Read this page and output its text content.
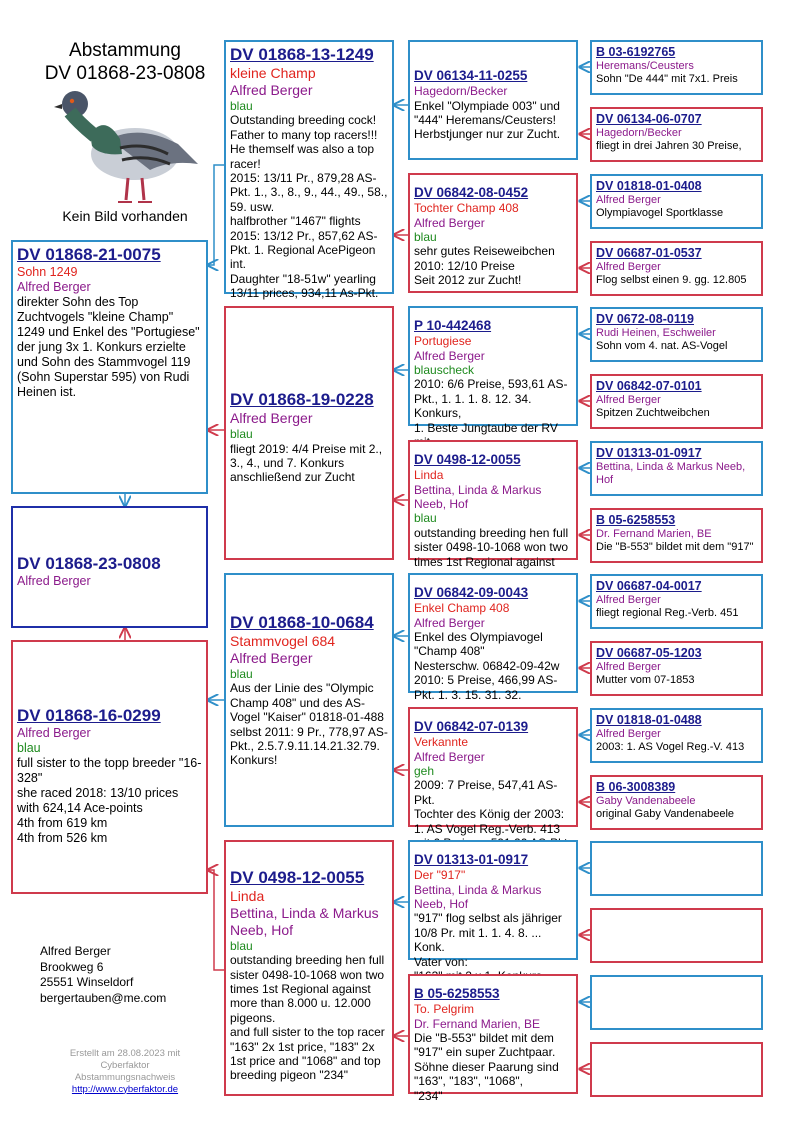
Abstammung
DV 01868-23-0808
Kein Bild vorhanden
DV 01868-21-0075
Sohn 1249
Alfred Berger
direkter Sohn des Top Zuchtvogels "kleine Champ" 1249 und Enkel des "Portugiese" der jung 3x 1. Konkurs erzielte und Sohn des Stammvogel 119 (Sohn Superstar 595) von Rudi Heinen ist.
DV 01868-23-0808
Alfred Berger
DV 01868-16-0299
Alfred Berger
blau
full sister to the topp breeder "16-328"
she raced 2018: 13/10 prices with 624,14 Ace-points
4th from 619 km
4th from 526 km
DV 01868-13-1249
kleine Champ
Alfred Berger
blau
Outstanding breeding cock! Father to many top racers!!! He themself was also a top racer!
2015: 13/11 Pr., 879,28 AS-Pkt. 1., 3., 8., 9., 44., 49., 58., 59. usw.
halfbrother "1467" flights 2015: 13/12 Pr., 857,62 AS-Pkt. 1. Regional AcePigeon int.
Daughter "18-51w" yearling 13/11 prices, 934,11 As-Pkt.
DV 01868-19-0228
Alfred Berger
blau
fliegt 2019: 4/4 Preise mit 2., 3., 4., und 7. Konkurs anschließend zur Zucht
DV 01868-10-0684
Stammvogel 684
Alfred Berger
blau
Aus der Linie des "Olympic Champ 408" und des AS-Vogel "Kaiser" 01818-01-488
selbst 2011: 9 Pr., 778,97 AS-Pkt., 2.5.7.9.11.14.21.32.79. Konkurs!
DV 0498-12-0055
Linda
Bettina, Linda & Markus Neeb, Hof
blau
outstanding breeding hen full sister 0498-10-1068 won two times 1st Regional against more than 8.000 u. 12.000 pigeons.
and full sister to the top racer "163" 2x 1st price, "183" 2x 1st price and "1068" and top breeding pigeon "234"
DV 06134-11-0255
Hagedorn/Becker
Enkel "Olympiade 003" und "444" Heremans/Ceusters! Herbstjunger nur zur Zucht.
DV 06842-08-0452
Tochter Champ 408
Alfred Berger
blau
sehr gutes Reiseweibchen
2010: 12/10 Preise
Seit 2012 zur Zucht!
P 10-442468
Portugiese
Alfred Berger
blauscheck
2010: 6/6 Preise, 593,61 AS-Pkt., 1. 1. 1. 8. 12. 34. Konkurs,
1. Beste Jungtaube der RV
DV 0498-12-0055
Linda
Bettina, Linda & Markus Neeb, Hof
blau
outstanding breeding hen full sister 0498-10-1068 won two times 1st Regional against
DV 06842-09-0043
Enkel Champ 408
Alfred Berger
Enkel des Olympiavogel "Champ 408"
Nesterschw. 06842-09-42w
2010: 5 Preise, 466,99 AS-Pkt. 1. 3. 15. 31. 32.
DV 06842-07-0139
Verkannte
Alfred Berger
geh
2009: 7 Preise, 547,41 AS-Pkt.
Tochter des König der 2003: 1. AS Vogel Reg.-Verb. 413
DV 01313-01-0917
Der "917"
Bettina, Linda & Markus Neeb, Hof
"917" flog selbst als jähriger 10/8 Pr. mit 1. 1. 4. 8. ... Konk.
Vater von:

B 05-6258553
To. Pelgrim
Dr. Fernand Marien, BE
Die "B-553" bildet mit dem "917" ein super Zuchtpaar.
Söhne dieser Paarung sind "163", "183", "1068",
"234"
B 03-6192765
Heremans/Ceusters
Sohn "De 444" mit 7x1. Preis
DV 06134-06-0707
Hagedorn/Becker
fliegt in drei Jahren 30 Preise,
DV 01818-01-0408
Alfred Berger
Olympiavogel Sportklasse
DV 06687-01-0537
Alfred Berger
Flog selbst einen 9. gg. 12.805
DV 0672-08-0119
Rudi Heinen, Eschweiler
Sohn vom 4. nat. AS-Vogel
DV 06842-07-0101
Alfred Berger
Spitzen Zuchtweibchen
DV 01313-01-0917
Bettina, Linda & Markus Neeb, Hof
B 05-6258553
Dr. Fernand Marien, BE
Die "B-553" bildet mit dem "917"
DV 06687-04-0017
Alfred Berger
fliegt regional Reg.-Verb. 451
DV 06687-05-1203
Alfred Berger
Mutter vom 07-1853
DV 01818-01-0488
Alfred Berger
2003: 1. AS Vogel Reg.-V. 413
B 06-3008389
Gaby Vandenabeele
original Gaby Vandenabeele
Alfred Berger
Brookweg 6
25551 Winseldorf
bergertauben@me.com
Erstellt am 28.08.2023 mit
Cyberfaktor
Abstammungsnachweis
http://www.cyberfaktor.de
